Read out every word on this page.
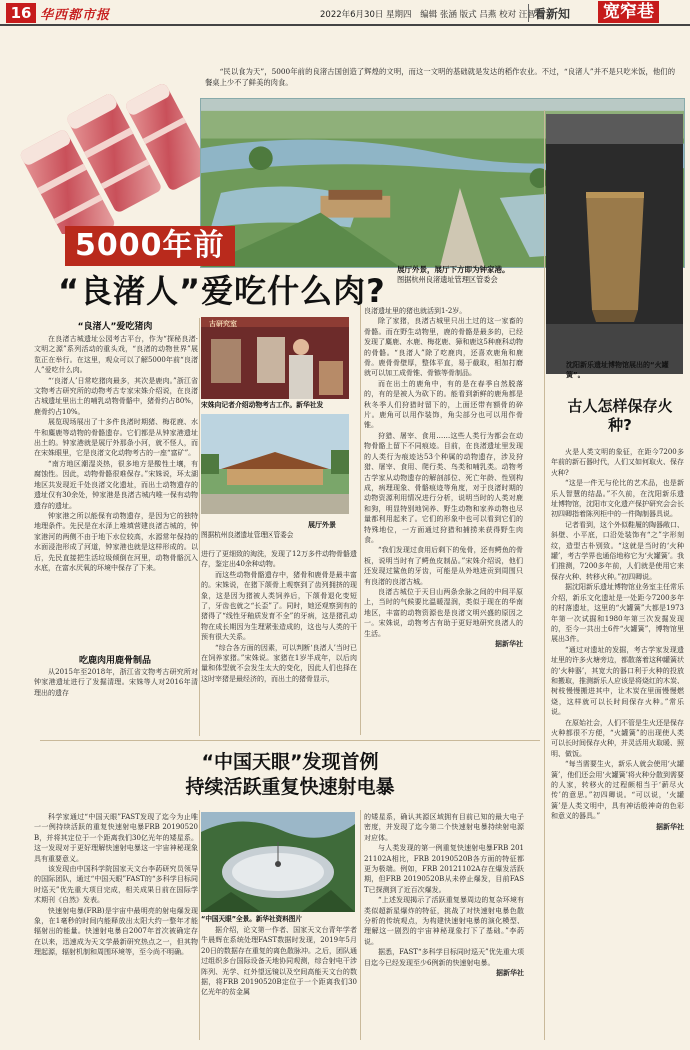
16 华西都市报	2022年6月30日 星期四 编辑 张涵 版式 吕燕 校对 汪智博
看新知 宽窄巷
“民以食为天”，5000年前的良渚古国创造了辉煌的文明，而这一文明的基础就是发达的稻作农业。不过，“良渚人”并不是只吃米饭，他们的餐桌上少不了鲜美的肉食。
展厅外景，展厅下方即为钟家港。
图据杭州良渚遗址管理区管委会
5000年前
“良渚人”爱吃什么肉?
“良渚人”爱吃猪肉

在良渚古城遗址公园考古平台，作为“探秘良渚·文明之源”系列活动的重头戏，“良渚的动物世界”展览正在举行。在这里，观众可以了解5000年前“良渚人”爱吃什么肉。

“‘良渚人’日常吃猪肉最多，其次是鹿肉。”浙江省文物考古研究所的动物考古专家宋姝介绍说，在良渚古城遗址里出土的哺乳动物骨骼中，猪骨约占80%，鹿骨约占10%。

展览现场展出了十多件良渚时期猪、梅花鹿、水牛和麋鹿等动物的骨骼遗存。它们都是从钟家港遗址出土的。钟家港就是展厅外那条小河，就不怪人，而在宋姝眼里，它是良渚文化动物考古的一座“富矿”。

“南方地区潮湿炎热，很多地方是酸性土壤，有腐蚀性。因此，动物骨骼很难保存。”宋姝说，环太湖地区共发现近千处良渚文化遗址，而出土动物遗存的遗址仅有30余处，钟家港是良渚古城内唯一保有动物遗存的遗址。

钟家港之所以能保有动物遗存，是因为它的独特地理条件。先民是在水泽上堆填营建良渚古城的，钟家港河的两侧不由于地下水位较高，水源常年保持的水面浸泡形成了河道，钟家港也就是这样形成的。以后，先民直接把生活垃圾倾倒在河里，动物骨骼沉入水底，在富水厌氧的环境中保存了下来。

吃鹿肉用鹿骨制品

从2015年至2018年，浙江省文物考古研究所对钟家港遗址进行了发掘清理。宋姝等人对2016年清理出的遗存

古研究室
宋姝向记者介绍动物考古工作。新华社发
展厅外景
图据杭州良渚遗址管理区管委会

进行了更细致的淘洗，发现了12万多件动物骨骼遗存，鉴定出40余种动物。

而这些动物骨骼遗存中，猪骨和鹿骨是最丰富的。宋姝说，在猪下颌骨上观察到了齿列拥挤的现象，这是因为猪被人类饲养后，下颌骨退化变短了，牙齿也就之“长歪”了。同时，她还观察到有的猪得了“线性牙釉质发育不全”的牙病，这是猪孔动物在成长期因为生理紧张造成的，这也与人类的干预有很大关系。

“综合各方面的因素，可以判断‘良渚人’当时已在饲养家猪。”宋姝说。家猪在1岁半成年，以后肉量和体型就不会发生太大的变化，因此人们也择在这时宰猪是最经济的，而出土的猪骨显示，

良渚遗址里的猪也就活到1-2岁。

除了家猪，良渚古城里只出土过的这一家畜的骨骼。而在野生动物里，鹿的骨骼是最多的，已经发现了麋鹿、水鹿、梅花鹿、獐和鹿这5种鹿科动物的骨骼。“良渚人”除了吃鹿肉，还喜欢鹿角和鹿骨。鹿骨骨壁厚，整体平直，易于截取，相加打磨就可以加工成骨锥、骨镞等骨制品。

而在出土的鹿角中，有的是在春季自然脱落的，有的是被人为砍下的。能看到新鲜的鹿角都是秋冬季人们狩猎时留下的，上面还带有额骨的碎片。鹿角可以用作装饰，角尖部分也可以用作骨锥。

狩猎、屠宰、食用……这些人类行为都会在动物骨骼上留下不同痕迹。目前，在良渚遗址里发现的人类行为痕迹达53个种属的动物遗存，涉及狩猎、屠宰、食用、爬行类、鸟类和哺乳类。动物考古学家从动物遗存的解剖部位、死亡年龄、性别构成，病理现象、骨骼痕迹等角度，对于良渚时期的动物资源利用情况进行分析，说明当时的人类对鹿和狗，明显特别地饲养、野生动物和家养动物也尽量都利用起来了。它们的形象中也可以看到它们的特殊地位，一方面通过狩猎和捕捞来获得野生肉食。

“我们发现过食用后剩下的兔骨，还有鳄鱼的骨板，说明当时有了鳄鱼皮制品。”宋姝介绍说，他们还发现过鲨鱼的牙齿，可能是从外地进贡到周围只有良渚的良渚古城。

良渚古城位于天目山两条余脉之间的中间平原上，当时的气候要比温暖湿润，类似于现在的华南地区，丰富的动物资源也是良渚文明兴盛的原因之一。宋姝说，动物考古有助于更好地研究良渚人的生活。

据新华社

沈阳新乐遗址博物馆展出的“火罐簧”。
古人怎样保存火种?

火是人类文明的象征，在距今7200多年前的新石器时代，人们又如何取火、保存火种?

“这是一件无与伦比的艺术品，也是新乐人智慧的结晶。”不久前，在沈阳新乐遗址博物馆，沈阳市文化遗产保护研究会会长初四卿指着陈列柜中的一件陶制器具说。

记者看到，这个外似鞋履的陶器敞口、斜壁、小平底，口沿处装饰有“之”字形刻纹，造型古朴别致。“这就是当时的‘火种罐’，考古学界也通俗地称它为‘火罐簧’。我们推测，7200多年前，人们就是使用它来保存火种、转移火种。”初四卿说。

据沈阳新乐遗址博物馆业务室主任常乐介绍，新乐文化遗址是一处距今7200多年的村落遗址，这里的“火罐簧”大都是1973年第一次试掘和1980年第三次发掘发现的，至今一共出土6件“火罐簧”，博物馆里展出3件。

“通过对遗址的发掘，考古学家发现遗址里的许多火塘旁边，都散落着这种罐簧状的‘火种器’，其宽大的器口利于火种的投放和搬取，推测新乐人应该是将烧红的木炭、树枝慢慢搬进其中，让木炭在里面慢慢燃烧，这样就可以长时间保存火种。”常乐说。

在原始社会，人们不管是生火还是保存火种都很不方便，“火罐簧”的出现使人类可以长时间保存火种，并灵活用火取暖、照明、做饭。

“每当需要生火，新乐人就会使用‘火罐簧’，他们还会用‘火罐簧’将火种分散到需要的人家，转移火的过程颇相当于‘薪尽火传’的意思。”初四卿说。“可以说，‘火罐簧’是人类文明中，具有神话般神奇的色彩和意义的器具。”

据新华社

“中国天眼”发现首例
持续活跃重复快速射电暴

科学家通过“中国天眼”FAST发现了迄今为止唯一一例持续活跃的重复快速射电暴FRB 20190520B，并将其定位于一个距离我们30亿光年的矮星系。这一发现对于更好理解快速射电暴这一宇宙神秘现象具有重要意义。

该发现由中国科学院国家天文台李菂研究员领导的国际团队，通过“中国天眼”FAST的“多科学目标同时巡天”优先重大项目完成，相关成果日前在国际学术期刊《自然》发表。

快速射电暴(FRB)是宇宙中最明亮的射电爆发现象，在1毫秒的时间内能释放出太阳大约一整年才能辐射出的能量。快速射电暴自2007年首次被确定存在以来，迅速成为天文学最新研究热点之一，但其物理起源，辐射机制和周围环境等，至今尚不明确。

“中国天眼”全景。新华社资料图片

据介绍，论文第一作者、国家天文台青年学者牛晨辉在系统处理FAST数据时发现，2019年5月20日的数据存在重复的离色散脉冲。之后，团队通过组织多台国际设备天地协同观测，综合射电干涉阵列、光学、红外望远镜以及空间高能天文台的数据，将FRB 20190520B定位于一个距离我们30亿光年的贫金属

的矮星系，确认其源区域拥有目前已知的最大电子密度，并发现了迄今第二个快速射电暴持续射电源对应体。

与人类发现的第一例重复快速射电暴FRB 20121102A相比，FRB 20190520B各方面的特征都更为极端。例如，FRB 20121102A存在爆发活跃期，但FRB 20190520B从未停止爆发，目前FAST已探测到了近百次爆发。

“上述发现揭示了活跃重复暴周边的复杂环境有类似超新星爆炸的特征，挑战了对快速射电暴色散分析的传统观点，为构建快速射电暴的演化模型、理解这一剧烈的宇宙神秘现象打下了基础。”李菂说。

据悉，FAST“多科学目标同时巡天”优先重大项目迄今已经发现至少6例新的快速射电暴。

据新华社
